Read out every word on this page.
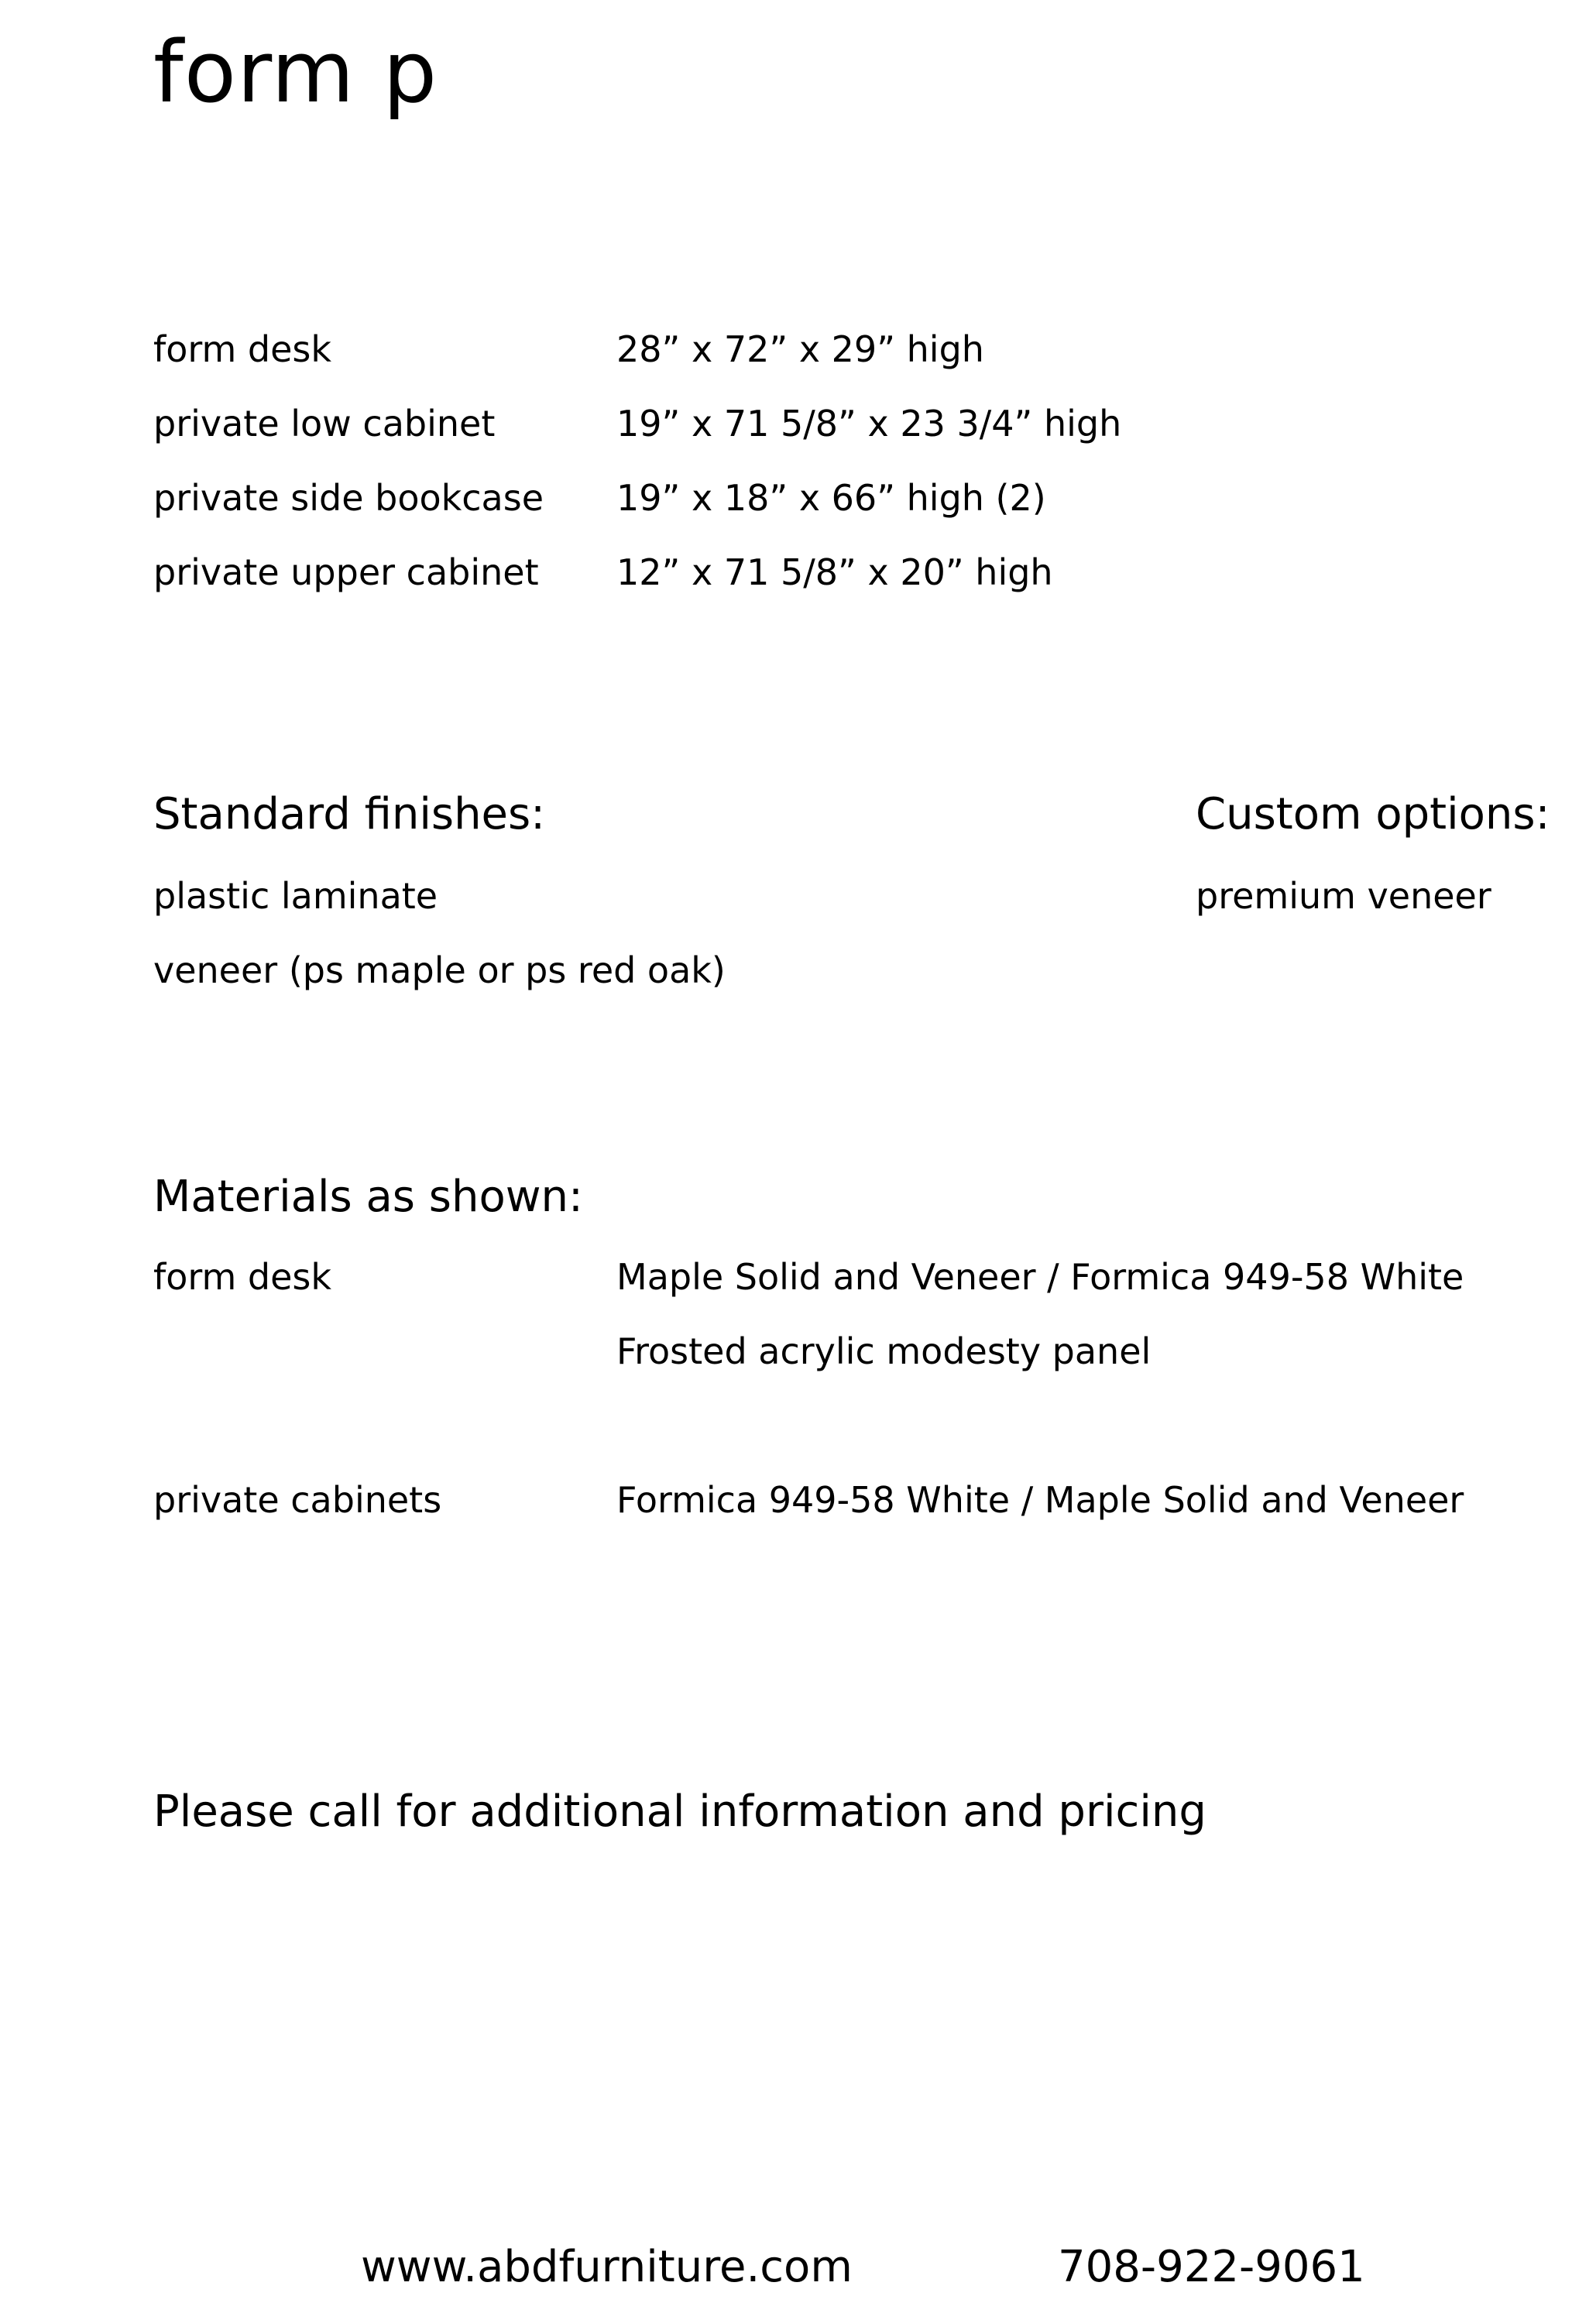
form p
form desk	28” x 72” x 29” high
private low cabinet	19” x 71 5/8” x 23 3/4” high
private side bookcase 19” x 18” x 66” high (2)
private upper cabinet 12” x 71 5/8” x 20” high
Standard finishes:
plastic laminate
veneer (ps maple or ps red oak)
Custom options:
premium veneer
Materials as shown:
form desk	Maple Solid and Veneer / Formica 949-58 White
Frosted acrylic modesty panel
private cabinets	Formica 949-58 White / Maple Solid and Veneer
Please call for additional information and pricing
www.abdfurniture.com	708-922-9061
